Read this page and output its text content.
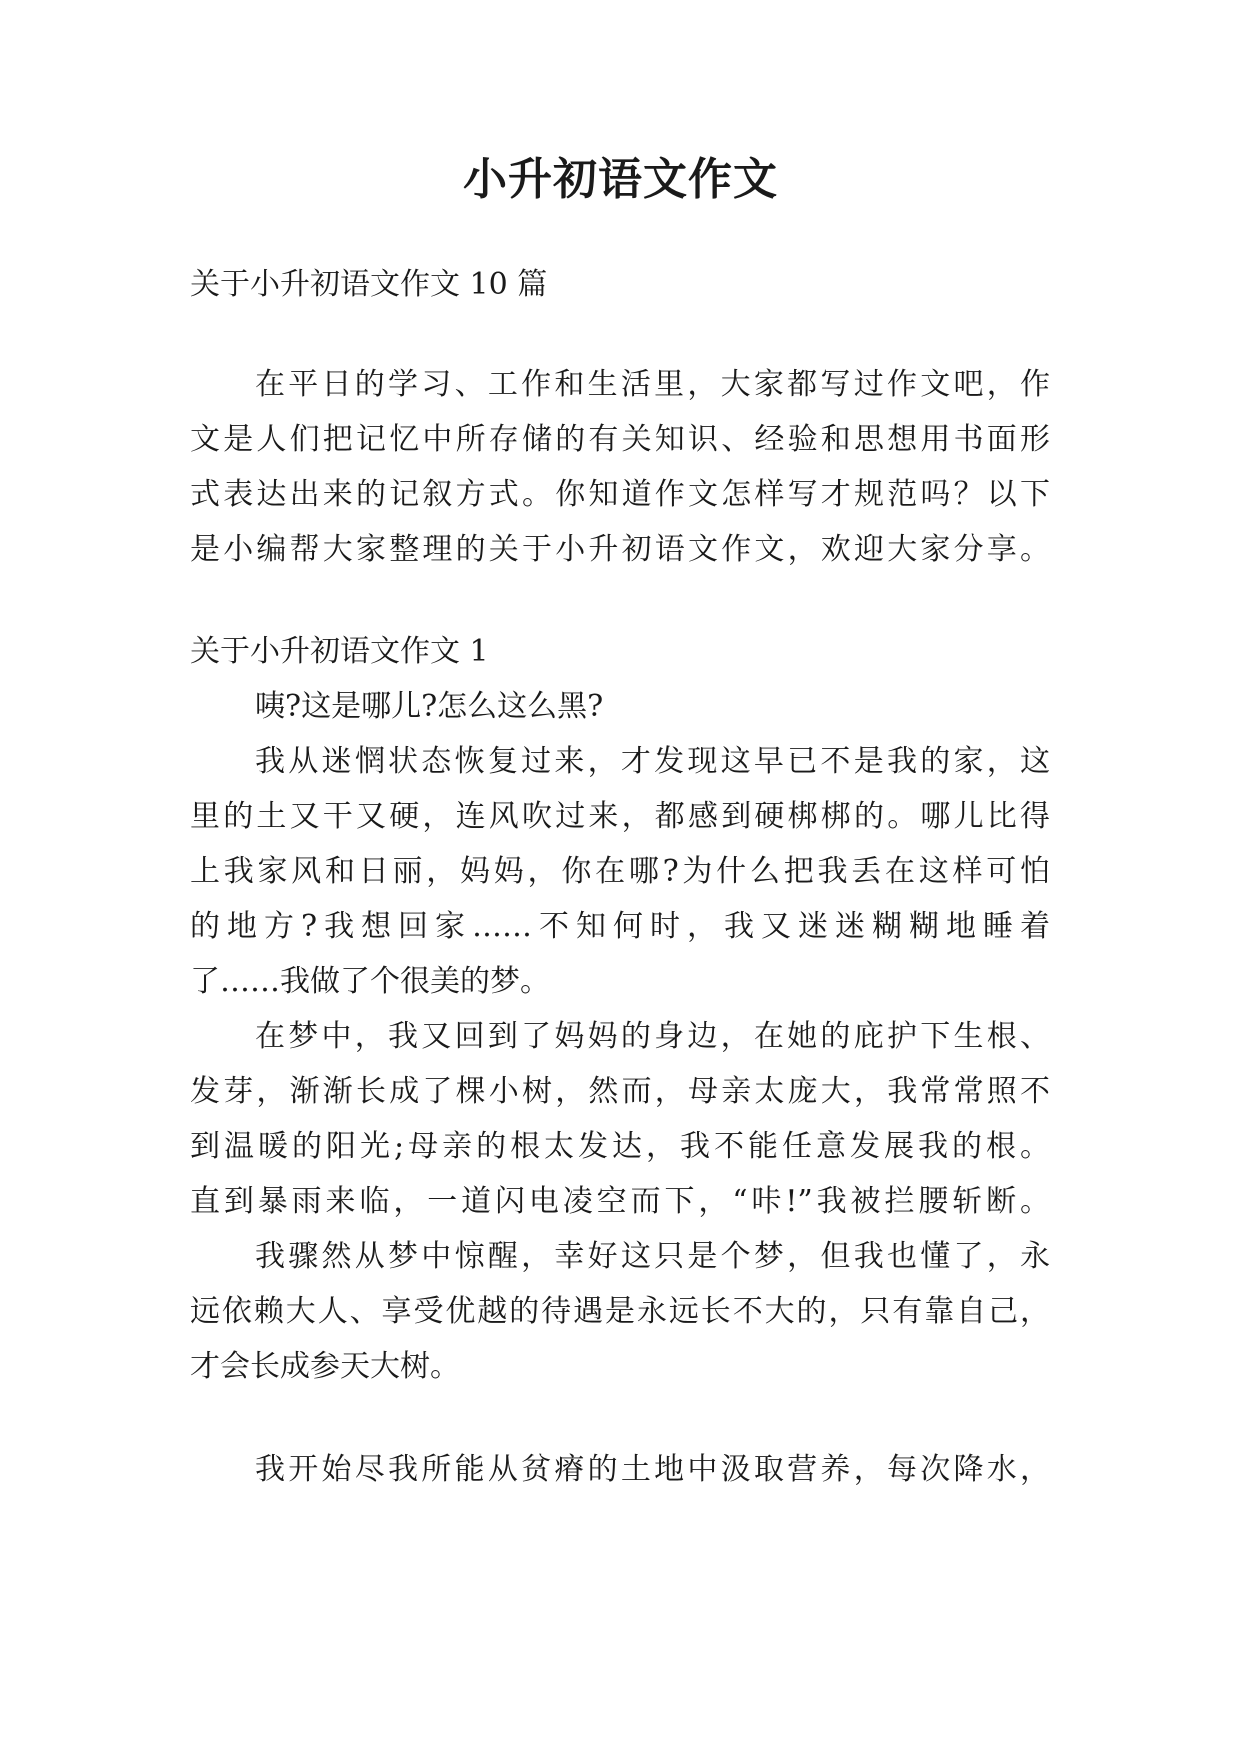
小升初语文作文
关于小升初语文作文 10 篇
在平日的学习、工作和生活里，大家都写过作文吧，作
文是人们把记忆中所存储的有关知识、经验和思想用书面形
式表达出来的记叙方式。你知道作文怎样写才规范吗？以下
是小编帮大家整理的关于小升初语文作文，欢迎大家分享。
关于小升初语文作文 1
咦?这是哪儿?怎么这么黑?
我从迷惘状态恢复过来，才发现这早已不是我的家，这
里的土又干又硬，连风吹过来，都感到硬梆梆的。哪儿比得
上我家风和日丽，妈妈，你在哪?为什么把我丢在这样可怕
的地方?我想回家……不知何时，我又迷迷糊糊地睡着
了……我做了个很美的梦。
在梦中，我又回到了妈妈的身边，在她的庇护下生根、
发芽，渐渐长成了棵小树，然而，母亲太庞大，我常常照不
到温暖的阳光;母亲的根太发达，我不能任意发展我的根。
直到暴雨来临，一道闪电凌空而下，“咔!”我被拦腰斩断。
我骤然从梦中惊醒，幸好这只是个梦，但我也懂了，永
远依赖大人、享受优越的待遇是永远长不大的，只有靠自己，
才会长成参天大树。
我开始尽我所能从贫瘠的土地中汲取营养，每次降水，
